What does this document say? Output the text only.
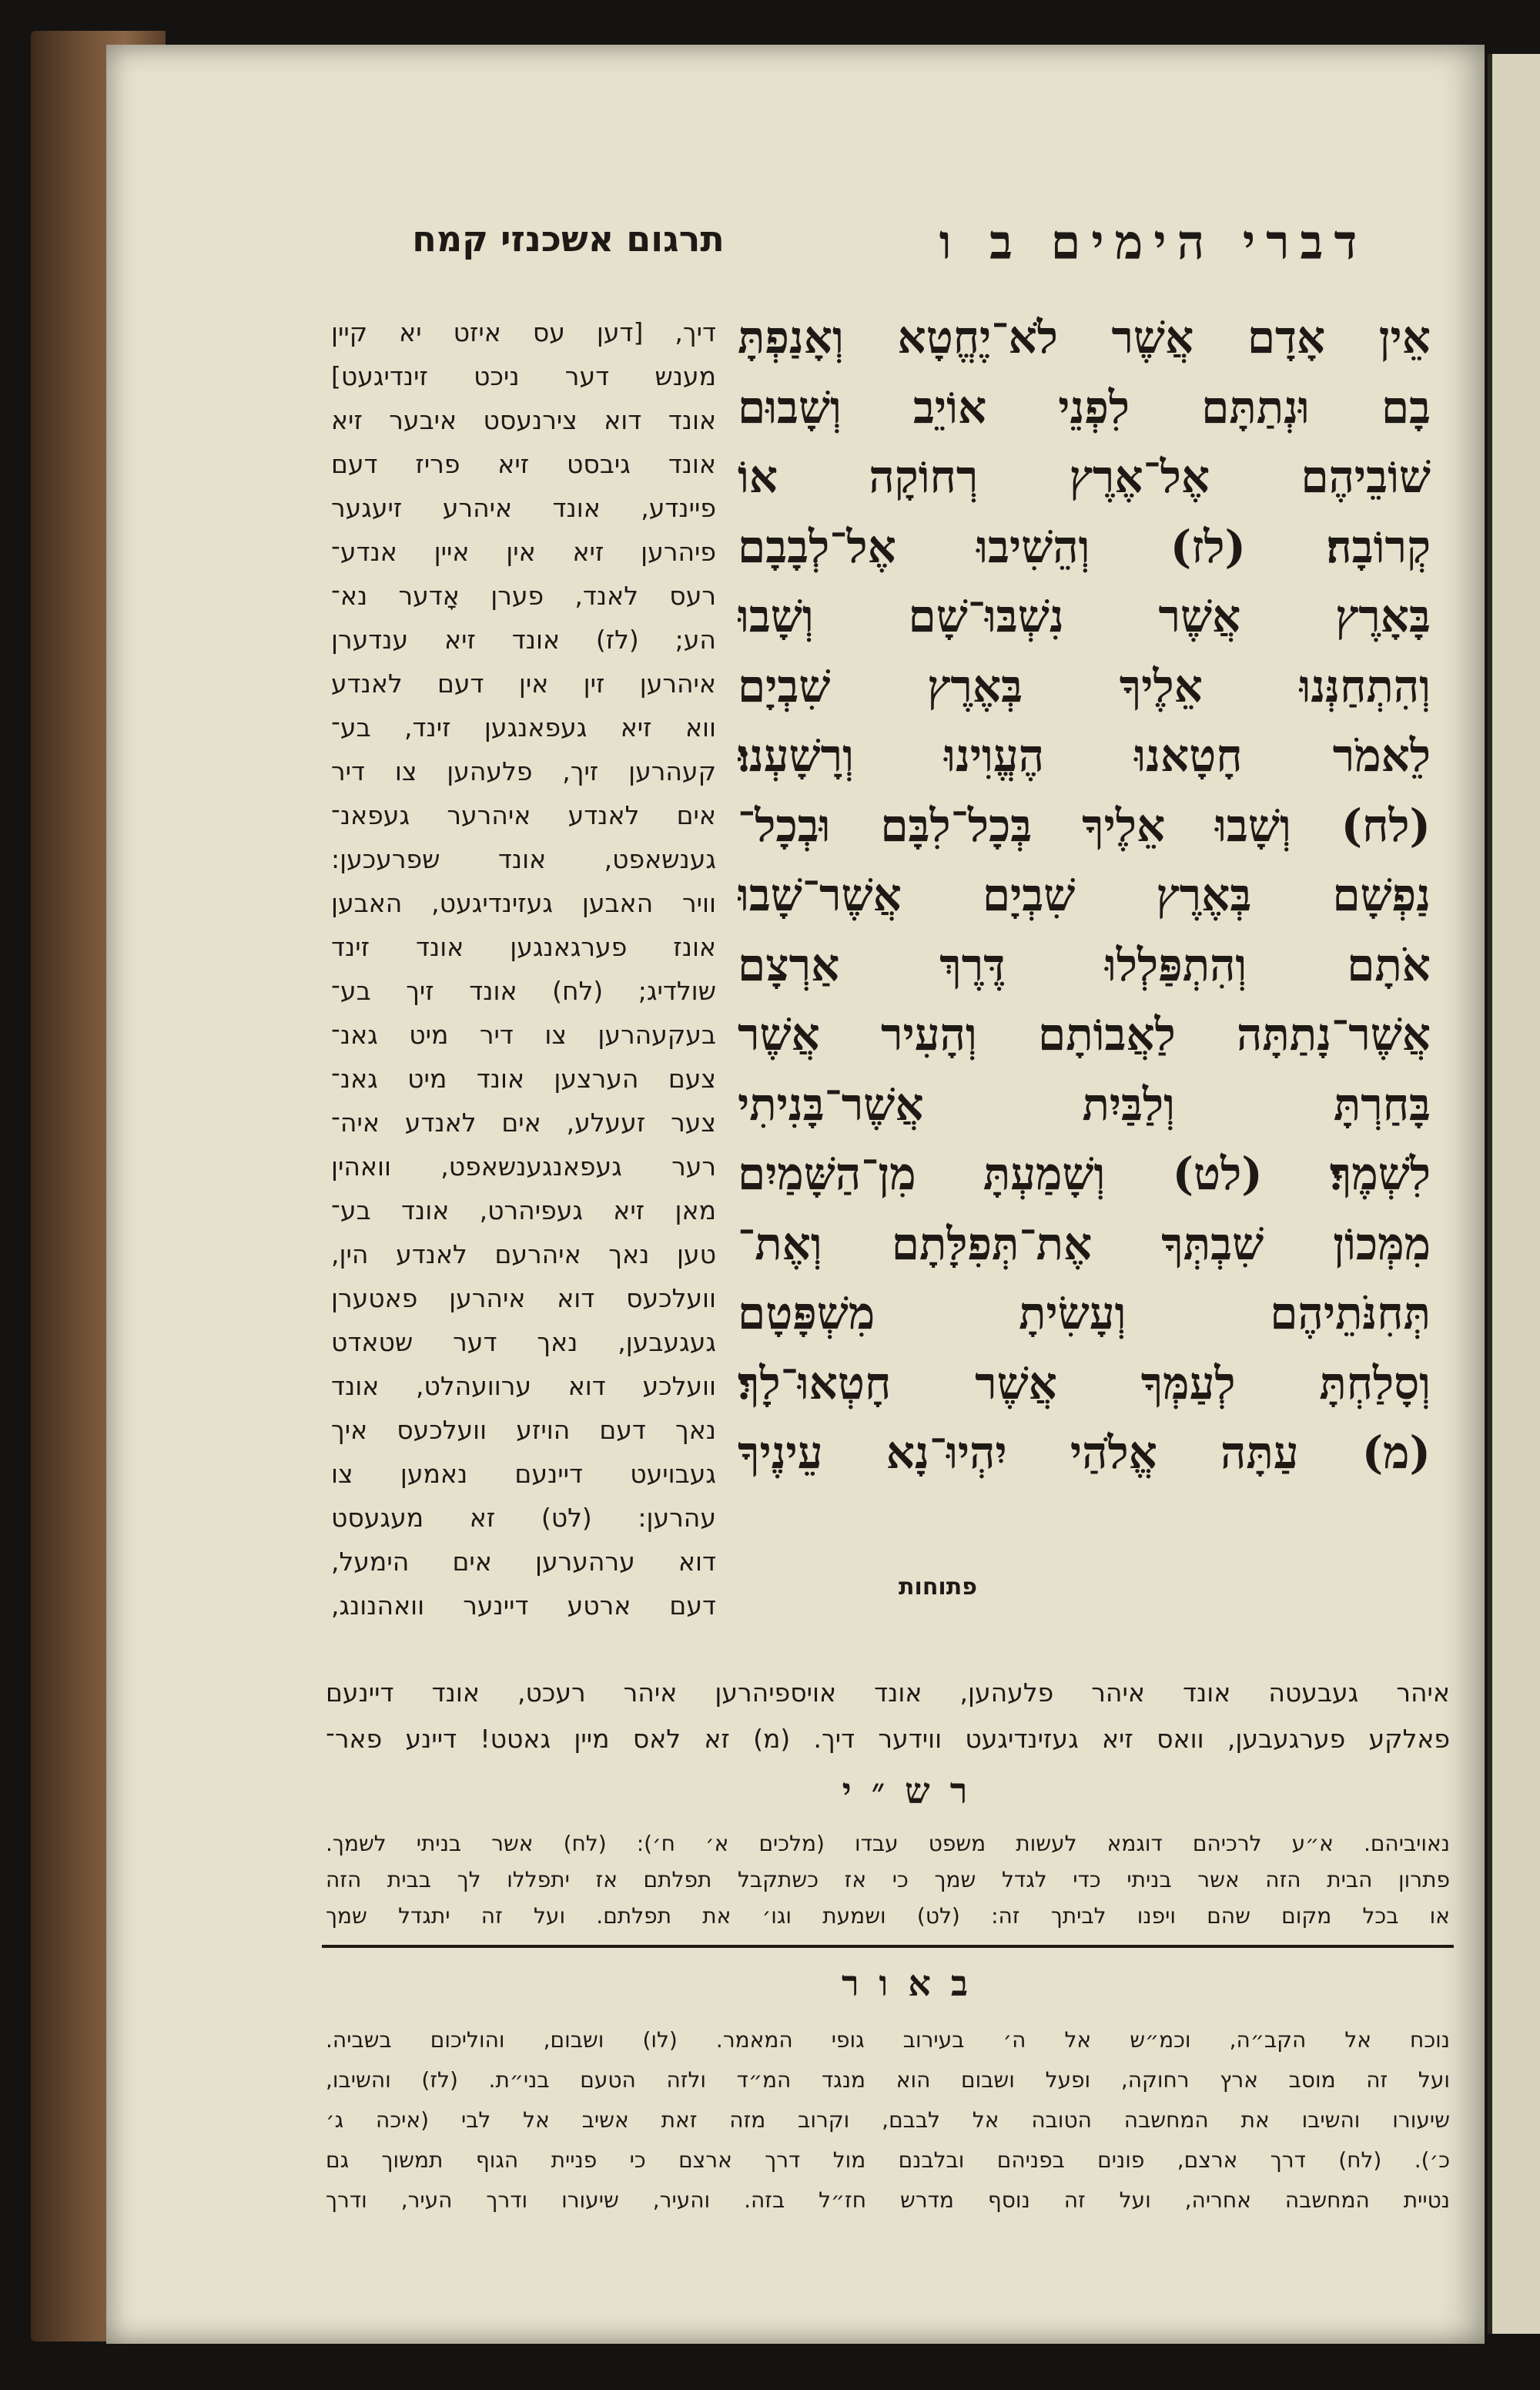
דברי הימים ב ו
תרגום אשכנזי קמח
אֵין אָדָם אֲשֶׁר לֹא־יֶחֱטָא וְאָנַפְתָּ
בָם וּנְתַתָּם לִפְנֵי אוֹיֵב וְשָׁבוּם
שׁוֹבֵיהֶם אֶל־אֶרֶץ רְחוֹקָה אוֹ
קְרוֹבָה׃ (לז) וְהֵשִׁיבוּ אֶל־לְבָבָם
בָּאָרֶץ אֲשֶׁר נִשְׁבּוּ־שָׁם וְשָׁבוּ
וְהִתְחַנְּנוּ אֵלֶיךָ בְּאֶרֶץ שִׁבְיָם
לֵאמֹר חָטָאנוּ הֶעֱוִינוּ וְרָשָׁעְנוּ׃
(לח) וְשָׁבוּ אֵלֶיךָ בְּכָל־לִבָּם וּבְכָל־
נַפְשָׁם בְּאֶרֶץ שִׁבְיָם אֲשֶׁר־שָׁבוּ
אֹתָם וְהִתְפַּלְלוּ דֶּרֶךְ אַרְצָם
אֲשֶׁר־נָתַתָּה לַאֲבוֹתָם וְהָעִיר אֲשֶׁר
בָּחַרְתָּ וְלַבַּיִת אֲשֶׁר־בָּנִיתִי
לִשְׁמֶךָ׃ (לט) וְשָׁמַעְתָּ מִן־הַשָּׁמַיִם
מִמְּכוֹן שִׁבְתְּךָ אֶת־תְּפִלָּתָם וְאֶת־
תְּחִנֹּתֵיהֶם וְעָשִׂיתָ מִשְׁפָּטָם
וְסָלַחְתָּ לְעַמְּךָ אֲשֶׁר חָטְאוּ־לָךְ׃
(מ) עַתָּה אֱלֹהַי יִהְיוּ־נָא עֵינֶיךָ
דיך, [דען עס איזט יא קיין
מענש דער ניכט זינדיגעט]
אונד דוא צירנעסט איבער זיא
אונד גיבסט זיא פריז דעם
פיינדע, אונד איהרע זיעגער
פיהרען זיא אין איין אנדע־
רעס לאנד, פערן אָדער נא־
הע; (לז) אונד זיא ענדערן
איהרען זין אין דעם לאנדע
ווא זיא געפאנגען זינד, בע־
קעהרען זיך, פלעהען צו דיר
אים לאנדע איהרער געפאנ־
גענשאפט, אונד שפרעכען:
וויר האבען געזינדיגעט, האבען
אונז פערגאנגען אונד זינד
שולדיג; (לח) אונד זיך בע־
בעקעהרען צו דיר מיט גאנ־
צעם הערצען אונד מיט גאנ־
צער זעעלע, אים לאנדע איה־
רער געפאנגענשאפט, וואהין
מאן זיא געפיהרט, אונד בע־
טען נאך איהרעם לאנדע הין,
וועלכעס דוא איהרען פאטערן
געגעבען, נאך דער שטאדט
וועלכע דוא ערוועהלט, אונד
נאך דעם הויזע וועלכעס איך
געבויעט דיינעם נאמען צו
עהרען: (לט) זא מעגעסט
דוא ערהערען אים הימעל,
דעם ארטע דיינער וואהנונג,
פתוחות
איהר געבעטה אונד איהר פלעהען, אונד אויספיהרען איהר רעכט, אונד דיינעם
פאלקע פערגעבען, וואס זיא געזינדיגעט ווידער דיך. (מ) זא לאס מיין גאטט! דיינע פאר־
רש״י
נאויביהם. א״ע לרכיהם דוגמא לעשות משפט עבדו (מלכים א׳ ח׳): (לח) אשר בניתי לשמך.
פתרון הבית הזה אשר בניתי כדי לגדל שמך כי אז כשתקבל תפלתם אז יתפללו לך בבית הזה
או בכל מקום שהם ויפנו לביתך זה: (לט) ושמעת וגו׳ את תפלתם. ועל זה יתגדל שמך
באור
נוכח אל הקב״ה, וכמ״ש אל ה׳ בעירוב גופי המאמר. (לו) ושבום, והוליכום בשביה.
ועל זה מוסב ארץ רחוקה, ופעל ושבום הוא מנגד המ״ד ולזה הטעם בני״ת. (לז) והשיבו,
שיעורו והשיבו את המחשבה הטובה אל לבבם, וקרוב מזה זאת אשיב אל לבי (איכה ג׳
כ׳). (לח) דרך ארצם, פונים בפניהם ובלבנם מול דרך ארצם כי פניית הגוף תמשוך גם
נטיית המחשבה אחריה, ועל זה נוסף מדרש חז״ל בזה. והעיר, שיעורו ודרך העיר, ודרך
